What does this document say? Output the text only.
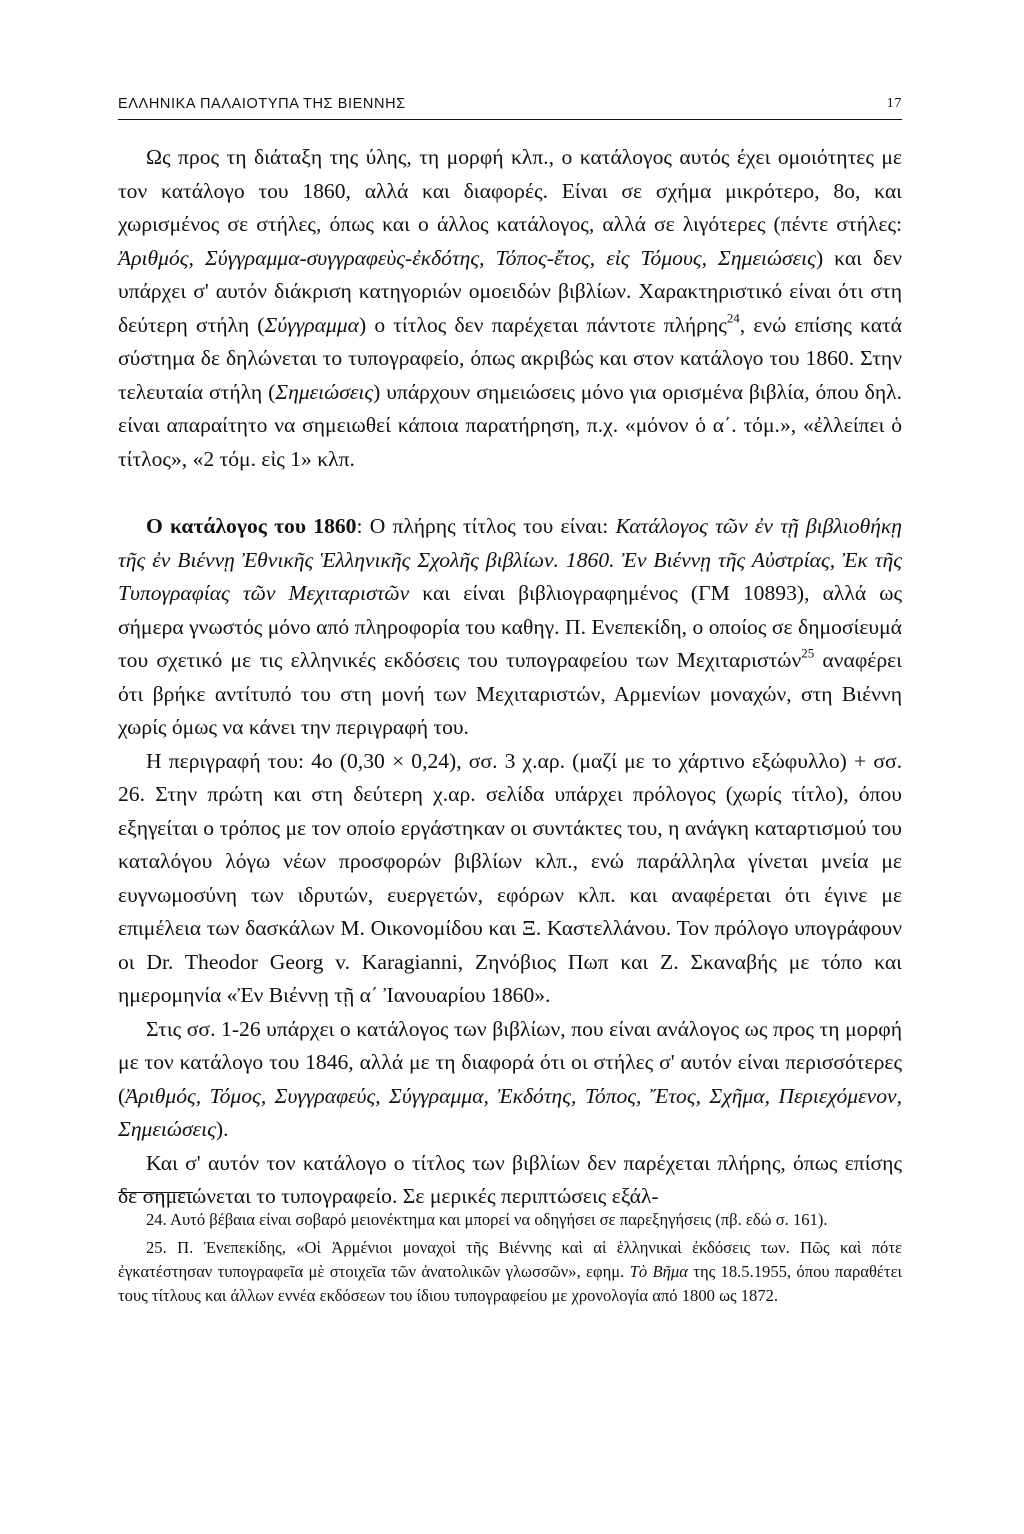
ΕΛΛΗΝΙΚΑ ΠΑΛΑΙΟΤΥΠΑ ΤΗΣ ΒΙΕΝΝΗΣ	17

Ως προς τη διάταξη της ύλης, τη μορφή κλπ., ο κατάλογος αυτός έχει ομοιότητες με τον κατάλογο του 1860, αλλά και διαφορές. Είναι σε σχήμα μικρότερο, 8ο, και χωρισμένος σε στήλες, όπως και ο άλλος κατάλογος, αλλά σε λιγότερες (πέντε στήλες: Ἀριθμός, Σύγγραμμα-συγγραφεὺς-ἐκδότης, Τόπος-ἔτος, εἰς Τόμους, Σημειώσεις) και δεν υπάρχει σ' αυτόν διάκριση κατηγοριών ομοειδών βιβλίων. Χαρακτηριστικό είναι ότι στη δεύτερη στήλη (Σύγγραμμα) ο τίτλος δεν παρέχεται πάντοτε πλήρης$^{24}$, ενώ επίσης κατά σύστημα δε δηλώνεται το τυπογραφείο, όπως ακριβώς και στον κατάλογο του 1860. Στην τελευταία στήλη (Σημειώσεις) υπάρχουν σημειώσεις μόνο για ορισμένα βιβλία, όπου δηλ. είναι απαραίτητο να σημειωθεί κάποια παρατήρηση, π.χ. «μόνον ὁ α΄. τόμ.», «ἐλλείπει ὁ τίτλος», «2 τόμ. εἰς 1» κλπ.

Ο κατάλογος του 1860: Ο πλήρης τίτλος του είναι: Κατάλογος τῶν ἐν τῇ βιβλιοθήκῃ τῆς ἐν Βιέννῃ Ἐθνικῆς Ἑλληνικῆς Σχολῆς βιβλίων. 1860. Ἐν Βιέννῃ τῆς Αὐστρίας, Ἐκ τῆς Τυπογραφίας τῶν Μεχιταριστῶν και είναι βιβλιογραφημένος (ΓΜ 10893), αλλά ως σήμερα γνωστός μόνο από πληροφορία του καθηγ. Π. Ενεπεκίδη, ο οποίος σε δημοσίευμά του σχετικό με τις ελληνικές εκδόσεις του τυπογραφείου των Μεχιταριστών$^{25}$ αναφέρει ότι βρήκε αντίτυπό του στη μονή των Μεχιταριστών, Αρμενίων μοναχών, στη Βιέννη χωρίς όμως να κάνει την περιγραφή του.

Η περιγραφή του: 4ο (0,30 × 0,24), σσ. 3 χ.αρ. (μαζί με το χάρτινο εξώφυλλο) + σσ. 26. Στην πρώτη και στη δεύτερη χ.αρ. σελίδα υπάρχει πρόλογος (χωρίς τίτλο), όπου εξηγείται ο τρόπος με τον οποίο εργάστηκαν οι συντάκτες του, η ανάγκη καταρτισμού του καταλόγου λόγω νέων προσφορών βιβλίων κλπ., ενώ παράλληλα γίνεται μνεία με ευγνωμοσύνη των ιδρυτών, ευεργετών, εφόρων κλπ. και αναφέρεται ότι έγινε με επιμέλεια των δασκάλων Μ. Οικονομίδου και Ξ. Καστελλάνου. Τον πρόλογο υπογράφουν οι Dr. Theodor Georg v. Karagianni, Ζηνόβιος Πωπ και Ζ. Σκαναβής με τόπο και ημερομηνία «Ἐν Βιέννῃ τῇ α΄ Ἰανουαρίου 1860».

Στις σσ. 1-26 υπάρχει ο κατάλογος των βιβλίων, που είναι ανάλογος ως προς τη μορφή με τον κατάλογο του 1846, αλλά με τη διαφορά ότι οι στήλες σ' αυτόν είναι περισσότερες (Ἀριθμός, Τόμος, Συγγραφεύς, Σύγγραμμα, Ἐκδότης, Τόπος, Ἔτος, Σχῆμα, Περιεχόμενον, Σημειώσεις).

Και σ' αυτόν τον κατάλογο ο τίτλος των βιβλίων δεν παρέχεται πλήρης, όπως επίσης δε σημειώνεται το τυπογραφείο. Σε μερικές περιπτώσεις εξάλ-

24. Αυτό βέβαια είναι σοβαρό μειονέκτημα και μπορεί να οδηγήσει σε παρεξηγήσεις (πβ. εδώ σ. 161).

25. Π. Ἐνεπεκίδης, «Οἱ Ἀρμένιοι μοναχοὶ τῆς Βιέννης καὶ αἱ ἑλληνικαὶ ἐκδόσεις των. Πῶς καὶ πότε ἐγκατέστησαν τυπογραφεῖα μὲ στοιχεῖα τῶν ἀνατολικῶν γλωσσῶν», εφημ. Τὸ Βῆμα της 18.5.1955, όπου παραθέτει τους τίτλους και άλλων εννέα εκδόσεων του ίδιου τυπογραφείου με χρονολογία από 1800 ως 1872.
